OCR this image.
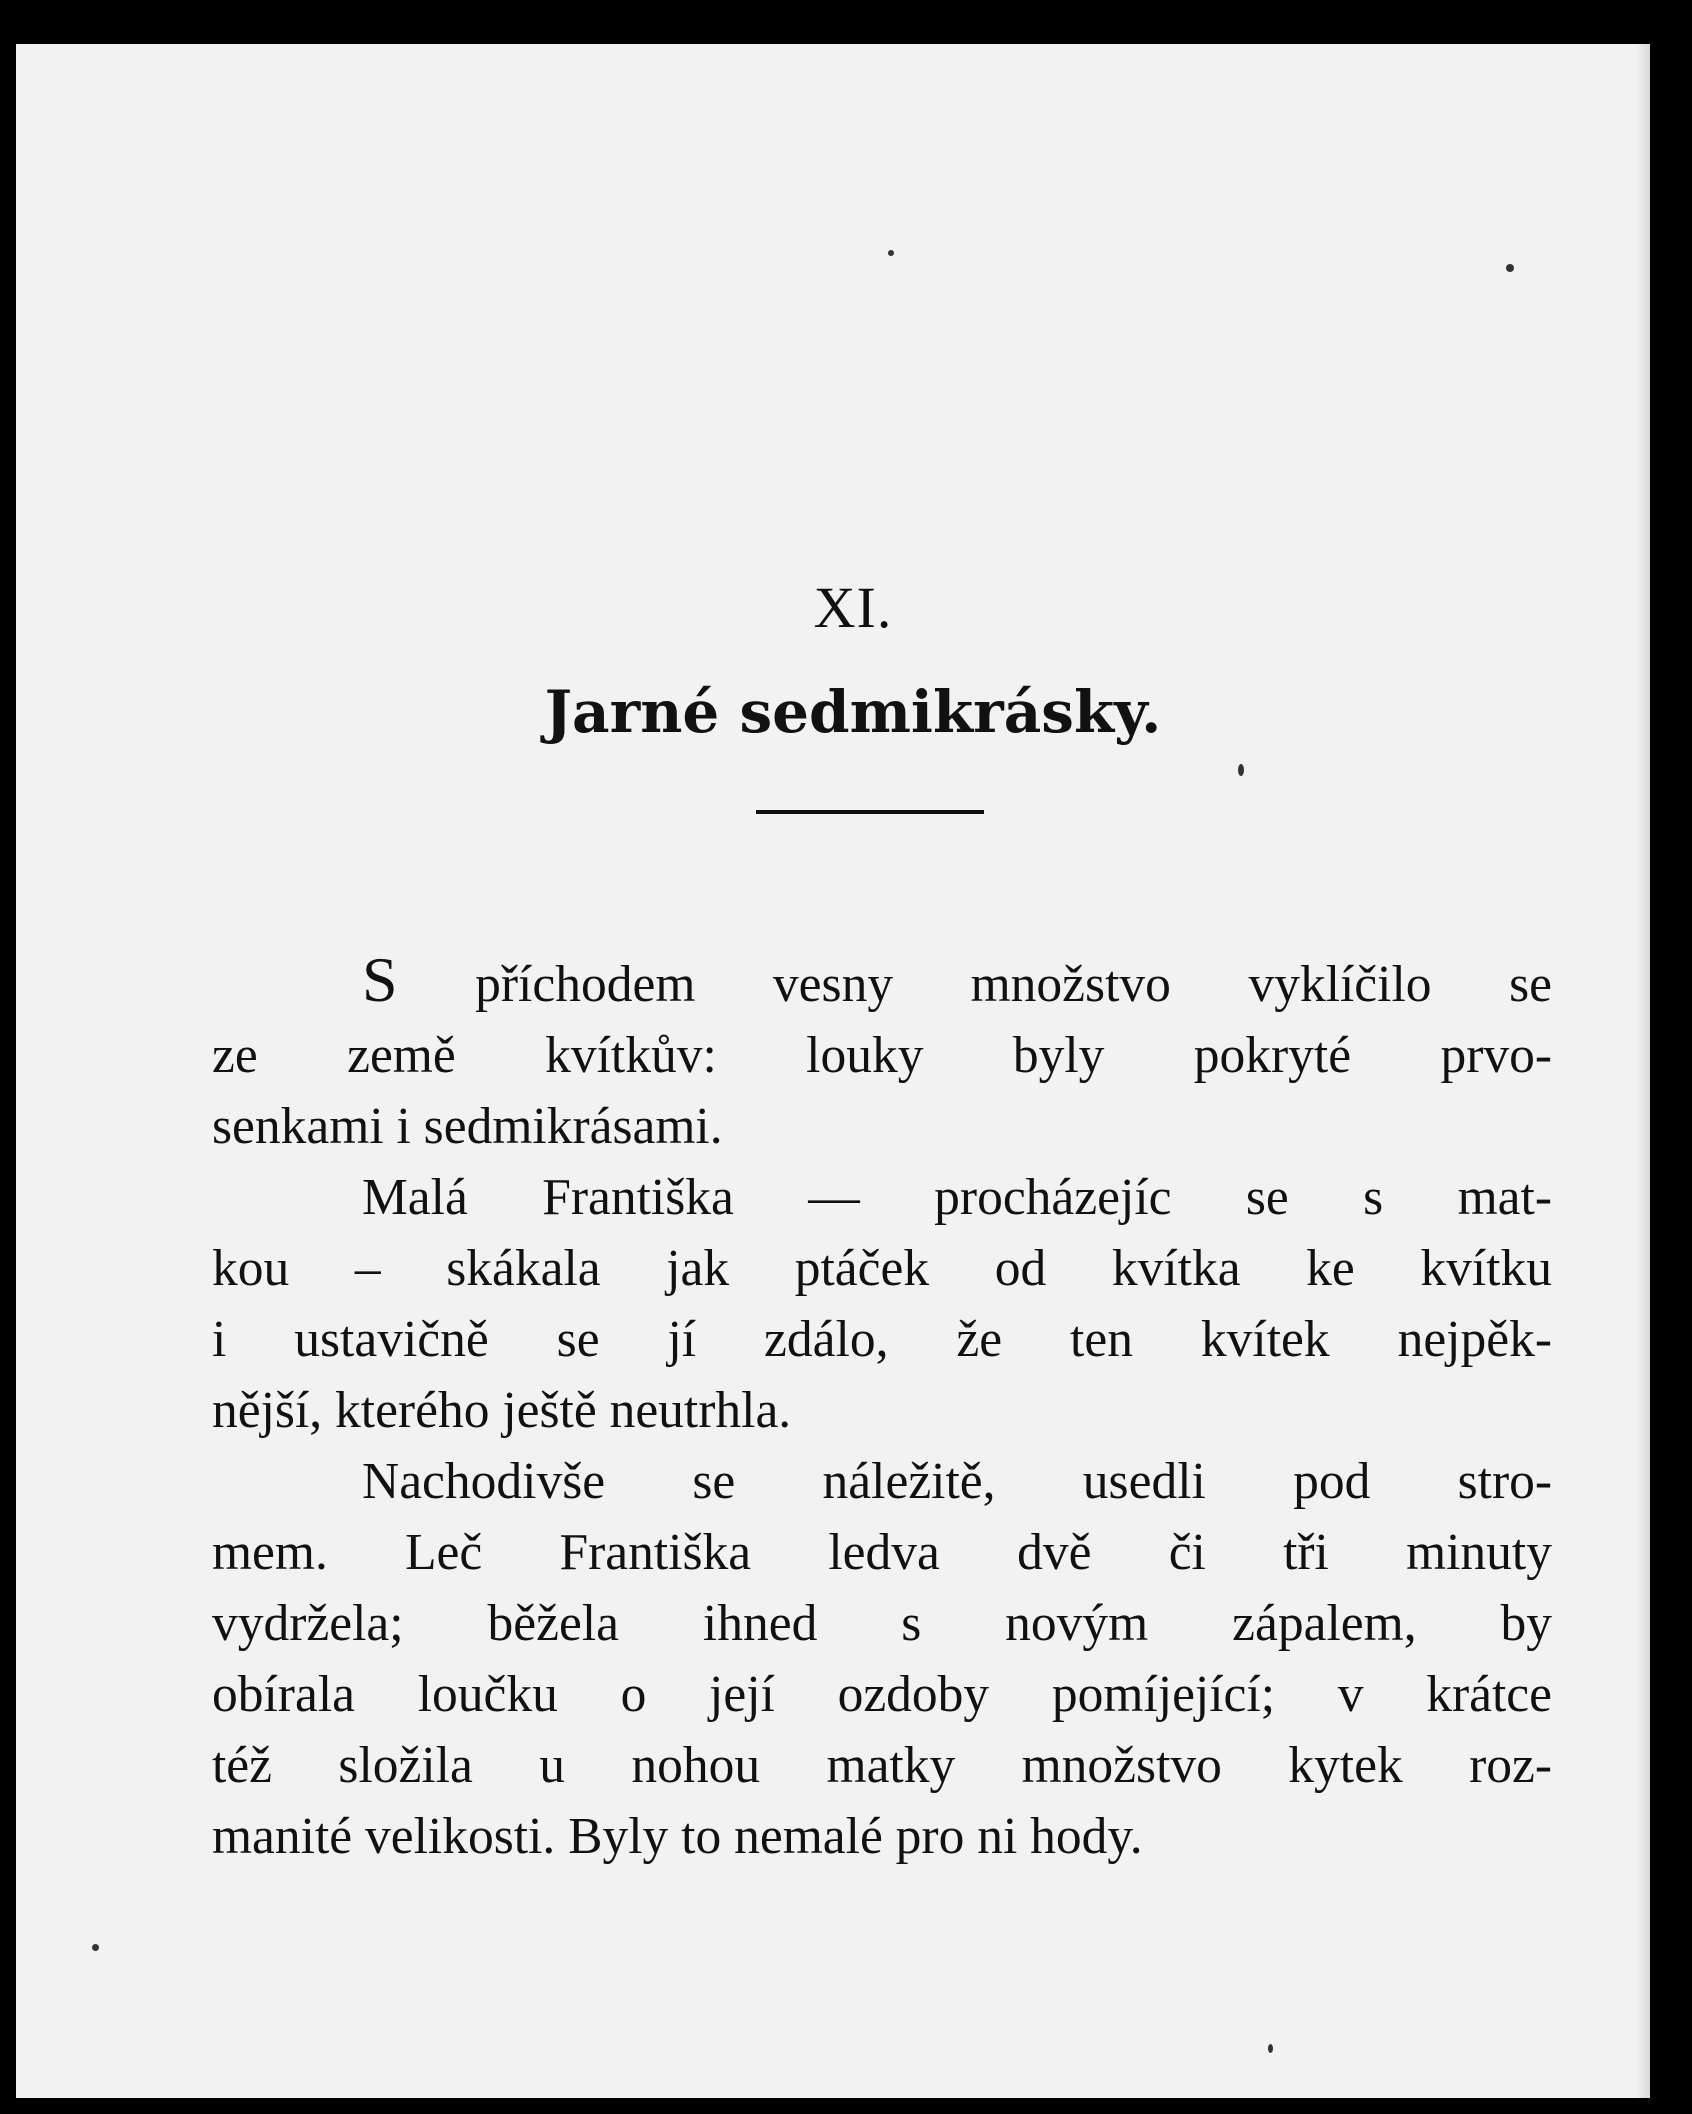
XI.
Jarné sedmikrásky.
S příchodem vesny množstvo vyklíčilo se
ze země kvítkův: louky byly pokryté prvo-
senkami i sedmikrásami.
Malá Františka — procházejíc se s mat-
kou – skákala jak ptáček od kvítka ke kvítku
i ustavičně se jí zdálo, že ten kvítek nejpěk-
nější, kterého ještě neutrhla.
Nachodivše se náležitě, usedli pod stro-
mem. Leč Františka ledva dvě či tři minuty
vydržela; běžela ihned s novým zápalem, by
obírala loučku o její ozdoby pomíjející; v krátce
též složila u nohou matky množstvo kytek roz-
manité velikosti. Byly to nemalé pro ni hody.
